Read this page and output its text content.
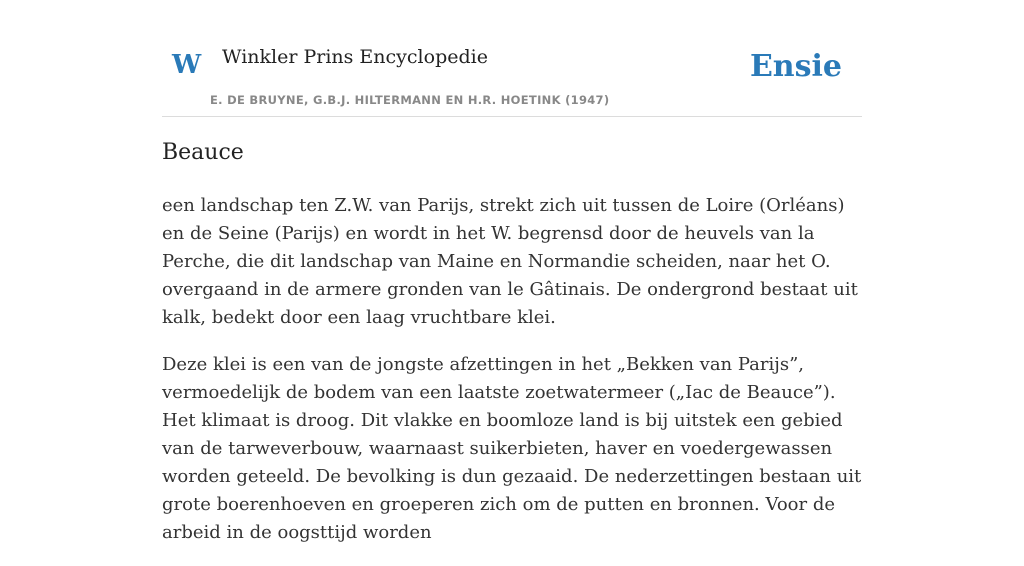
W Winkler Prins Encyclopedie
E. DE BRUYNE, G.B.J. HILTERMANN EN H.R. HOETINK (1947)
Ensie
Beauce

een landschap ten Z.W. van Parijs, strekt zich uit tussen de Loire (Orléans) en de Seine (Parijs) en wordt in het W. begrensd door de heuvels van la Perche, die dit landschap van Maine en Normandie scheiden, naar het O. overgaand in de armere gronden van le Gâtinais. De ondergrond bestaat uit kalk, bedekt door een laag vruchtbare klei.

Deze klei is een van de jongste afzettingen in het „Bekken van Parijs”, vermoedelijk de bodem van een laatste zoetwatermeer („Iac de Beauce”). Het klimaat is droog. Dit vlakke en boomloze land is bij uitstek een gebied van de tarweverbouw, waarnaast suikerbieten, haver en voedergewassen worden geteeld. De bevolking is dun gezaaid. De nederzettingen bestaan uit grote boerenhoeven en groeperen zich om de putten en bronnen. Voor de arbeid in de oogsttijd worden
